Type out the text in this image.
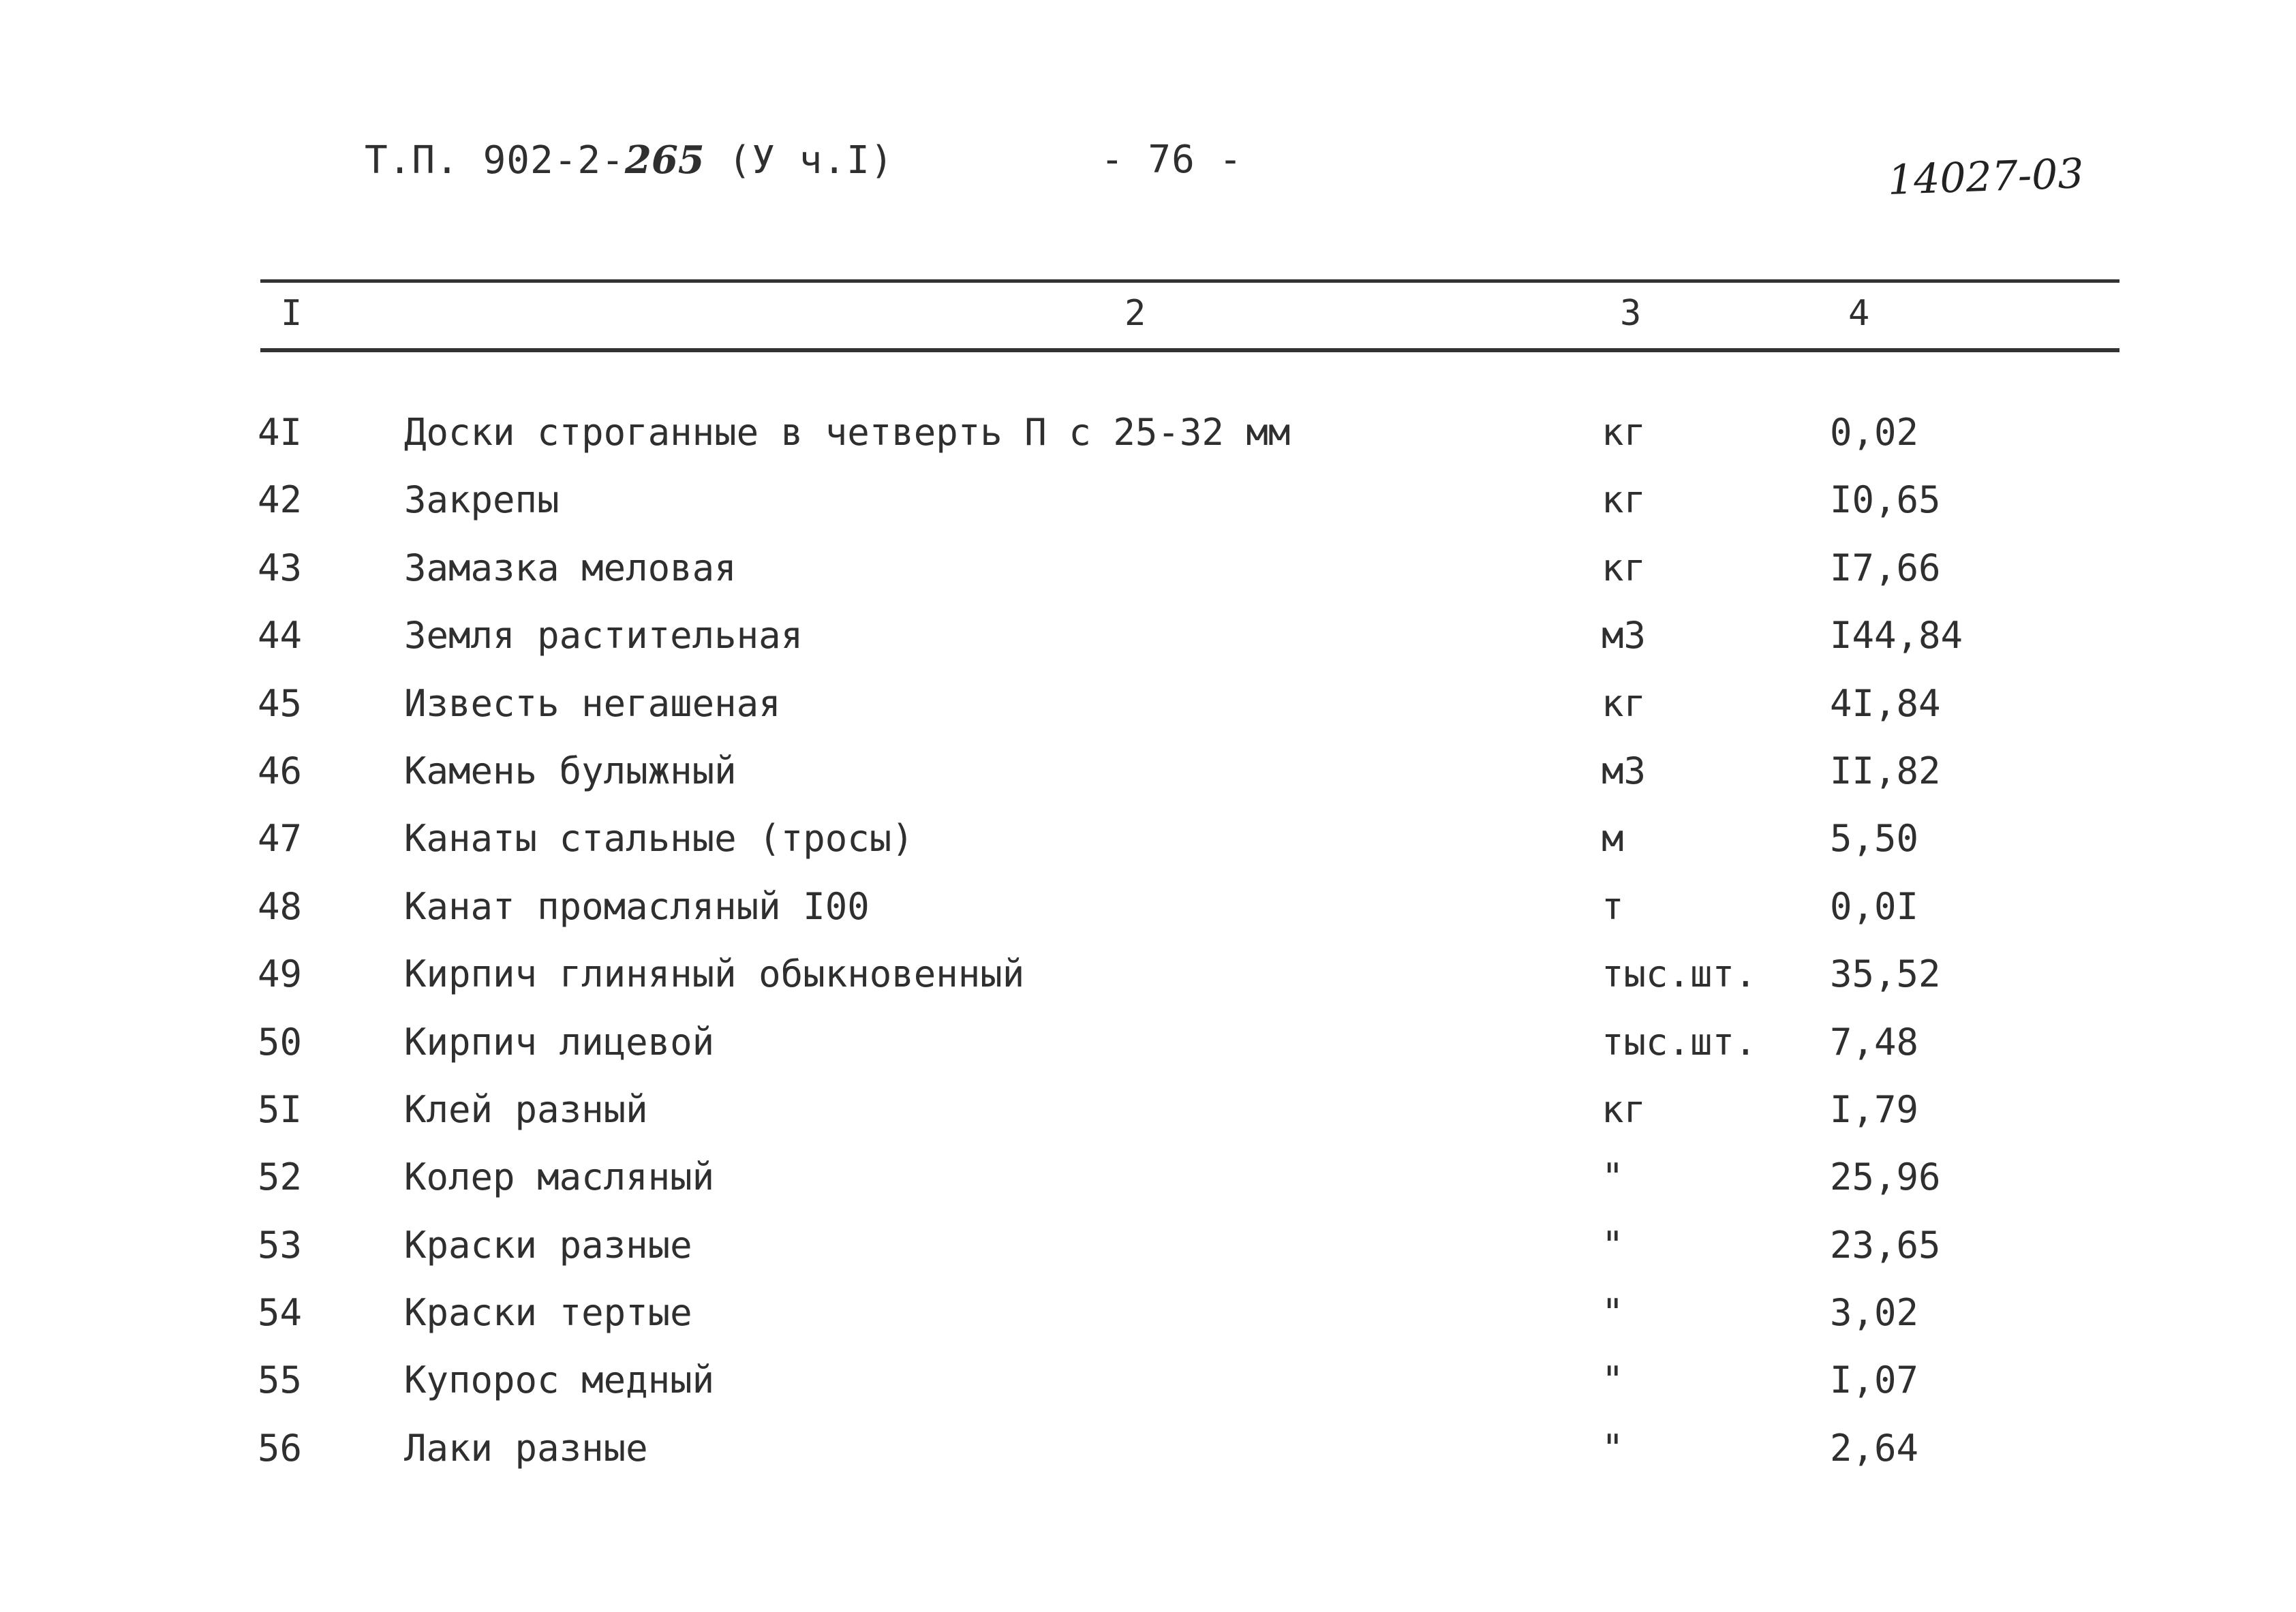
Т.П. 902-2-265 (У ч.I)	- 76 -	14027-03
I	2	3	4
4I	Доски строганные в четверть П с 25-32 мм	кг	0,02
42	Закрепы	кг	I0,65
43	Замазка меловая	кг	I7,66
44	Земля растительная	м3	I44,84
45	Известь негашеная	кг	4I,84
46	Камень булыжный	м3	II,82
47	Канаты стальные (тросы)	м	5,50
48	Канат промасляный I00	т	0,0I
49	Кирпич глиняный обыкновенный	тыс.шт. 35,52
50	Кирпич лицевой	тыс.шт. 7,48
5I	Клей разный	кг	I,79
52	Колер масляный	"	25,96
53	Краски разные	"	23,65
54	Краски тертые	"	3,02
55	Купорос медный	"	I,07
56	Лаки разные	"	2,64
